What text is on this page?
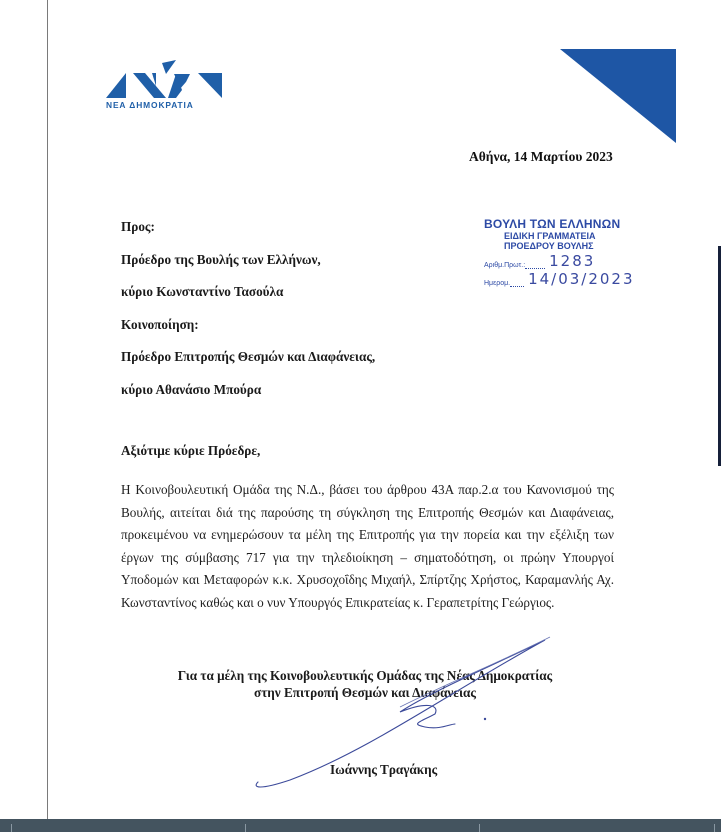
ΝΕΑ ΔΗΜΟΚΡΑΤΙΑ
Αθήνα, 14 Μαρτίου 2023
ΒΟΥΛΗ ΤΩΝ ΕΛΛΗΝΩΝ
ΕΙΔΙΚΗ ΓΡΑΜΜΑΤΕΙΑ
ΠΡΟΕΔΡΟΥ ΒΟΥΛΗΣ
Αριθμ.Πρωτ.: 1283
Ημερομ. 14/03/2023
Προς:
Πρόεδρο της Βουλής των Ελλήνων,
κύριο Κωνσταντίνο Τασούλα
Κοινοποίηση:
Πρόεδρο Επιτροπής Θεσμών και Διαφάνειας,
κύριο Αθανάσιο Μπούρα
Αξιότιμε κύριε Πρόεδρε,
Η Κοινοβουλευτική Ομάδα της Ν.Δ., βάσει του άρθρου 43Α παρ.2.α του Κανονισμού της Βουλής, αιτείται διά της παρούσης τη σύγκληση της Επιτροπής Θεσμών και Διαφάνειας, προκειμένου να ενημερώσουν τα μέλη της Επιτροπής για την πορεία και την εξέλιξη των έργων της σύμβασης 717 για την τηλεδιοίκηση – σηματοδότηση, οι πρώην Υπουργοί Υποδομών και Μεταφορών κ.κ. Χρυσοχοΐδης Μιχαήλ, Σπίρτζης Χρήστος, Καραμανλής Αχ. Κωνσταντίνος καθώς και ο νυν Υπουργός Επικρατείας κ. Γεραπετρίτης Γεώργιος.
Για τα μέλη της Κοινοβουλευτικής Ομάδας της Νέας Δημοκρατίας
στην Επιτροπή Θεσμών και Διαφάνειας
Ιωάννης Τραγάκης
